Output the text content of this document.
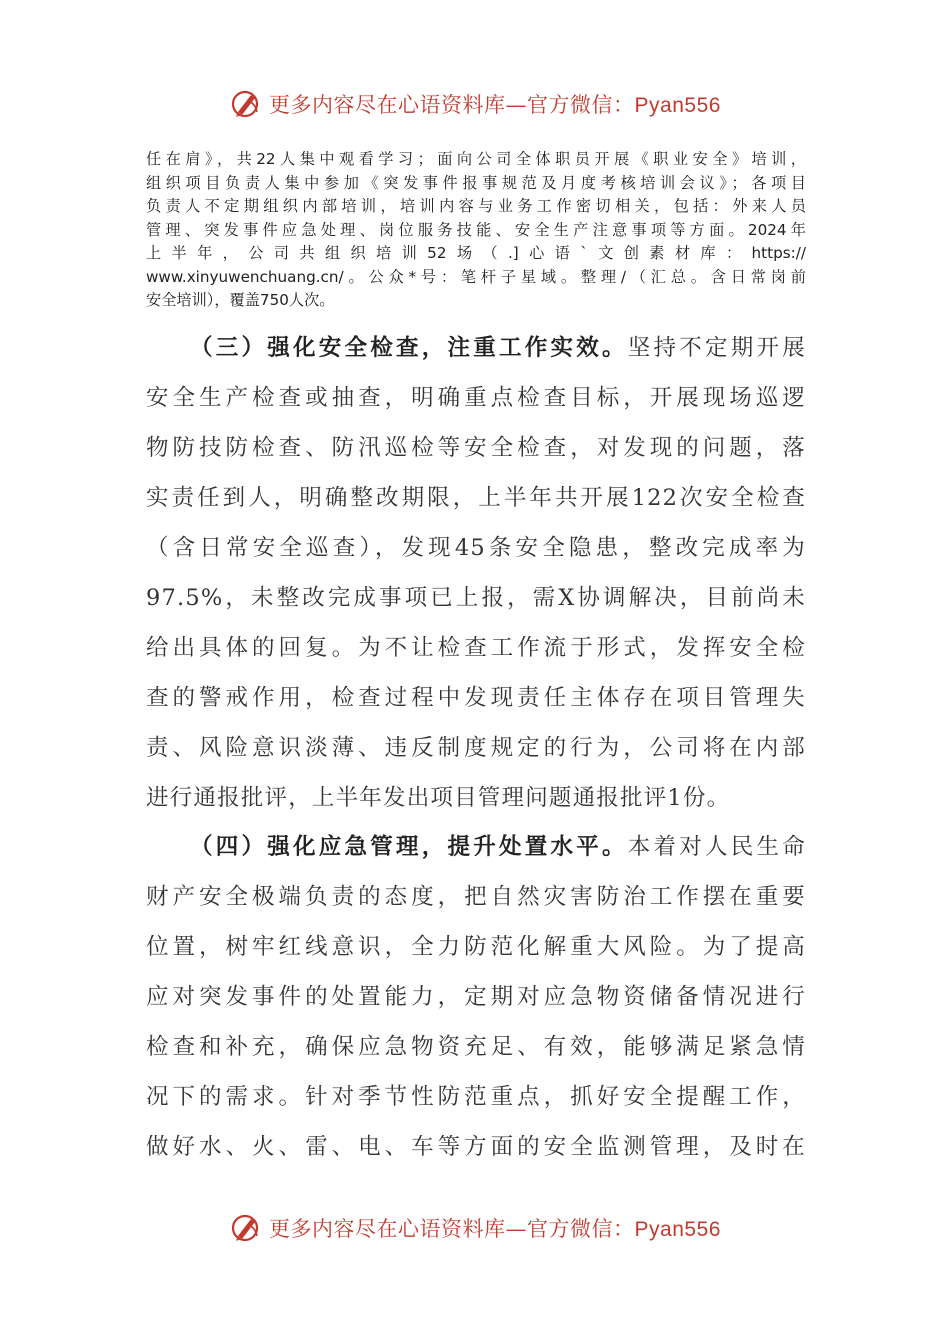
更多内容尽在心语资料库—官方微信：Pyan556
任在肩》，共22人集中观看学习；面向公司全体职员开展《职业安全》培训，
组织项目负责人集中参加《突发事件报事规范及月度考核培训会议》；各项目
负责人不定期组织内部培训，培训内容与业务工作密切相关，包括：外来人员
管理、突发事件应急处理、岗位服务技能、安全生产注意事项等方面。2024年
上半年，公司共组织培训52场（.]心语`文创素材库：https://
www.xinyuwenchuang.cn/。公众*号：笔杆子星域。整理/（汇总。含日常岗前
安全培训），覆盖750人次。
（三）强化安全检查，注重工作实效。坚持不定期开展
安全生产检查或抽查，明确重点检查目标，开展现场巡逻
物防技防检查、防汛巡检等安全检查，对发现的问题，落
实责任到人，明确整改期限，上半年共开展122次安全检查
（含日常安全巡查），发现45条安全隐患，整改完成率为
97.5%，未整改完成事项已上报，需X协调解决，目前尚未
给出具体的回复。为不让检查工作流于形式，发挥安全检
查的警戒作用，检查过程中发现责任主体存在项目管理失
责、风险意识淡薄、违反制度规定的行为，公司将在内部
进行通报批评，上半年发出项目管理问题通报批评1份。
（四）强化应急管理，提升处置水平。本着对人民生命
财产安全极端负责的态度，把自然灾害防治工作摆在重要
位置，树牢红线意识，全力防范化解重大风险。为了提高
应对突发事件的处置能力，定期对应急物资储备情况进行
检查和补充，确保应急物资充足、有效，能够满足紧急情
况下的需求。针对季节性防范重点，抓好安全提醒工作，
做好水、火、雷、电、车等方面的安全监测管理，及时在
更多内容尽在心语资料库—官方微信：Pyan556
